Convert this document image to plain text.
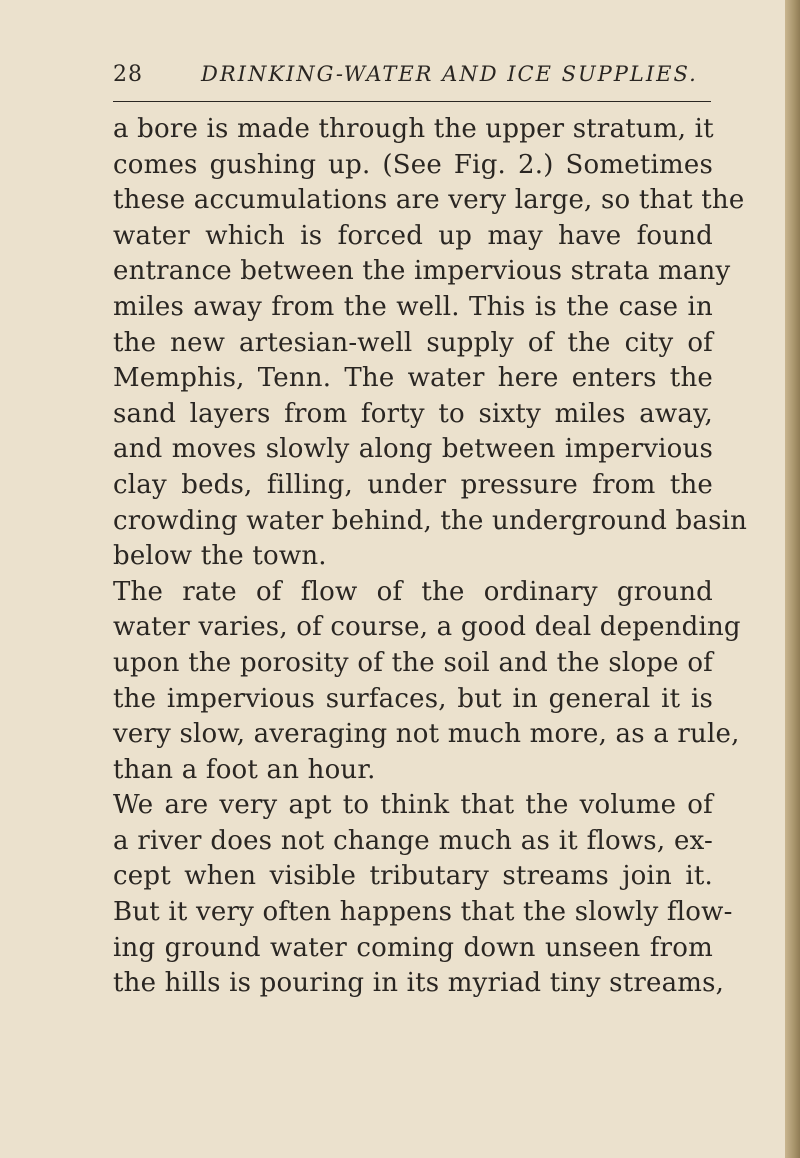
28	DRINKING-WATER AND ICE SUPPLIES.
a bore is made through the upper stratum, it
comes gushing up. (See Fig. 2.) Sometimes
these accumulations are very large, so that the
water which is forced up may have found
entrance between the impervious strata many
miles away from the well. This is the case in
the new artesian-well supply of the city of
Memphis, Tenn. The water here enters the
sand layers from forty to sixty miles away,
and moves slowly along between impervious
clay beds, filling, under pressure from the
crowding water behind, the underground basin
below the town.
The rate of flow of the ordinary ground
water varies, of course, a good deal depending
upon the porosity of the soil and the slope of
the impervious surfaces, but in general it is
very slow, averaging not much more, as a rule,
than a foot an hour.
We are very apt to think that the volume of
a river does not change much as it flows, ex-
cept when visible tributary streams join it.
But it very often happens that the slowly flow-
ing ground water coming down unseen from
the hills is pouring in its myriad tiny streams,
